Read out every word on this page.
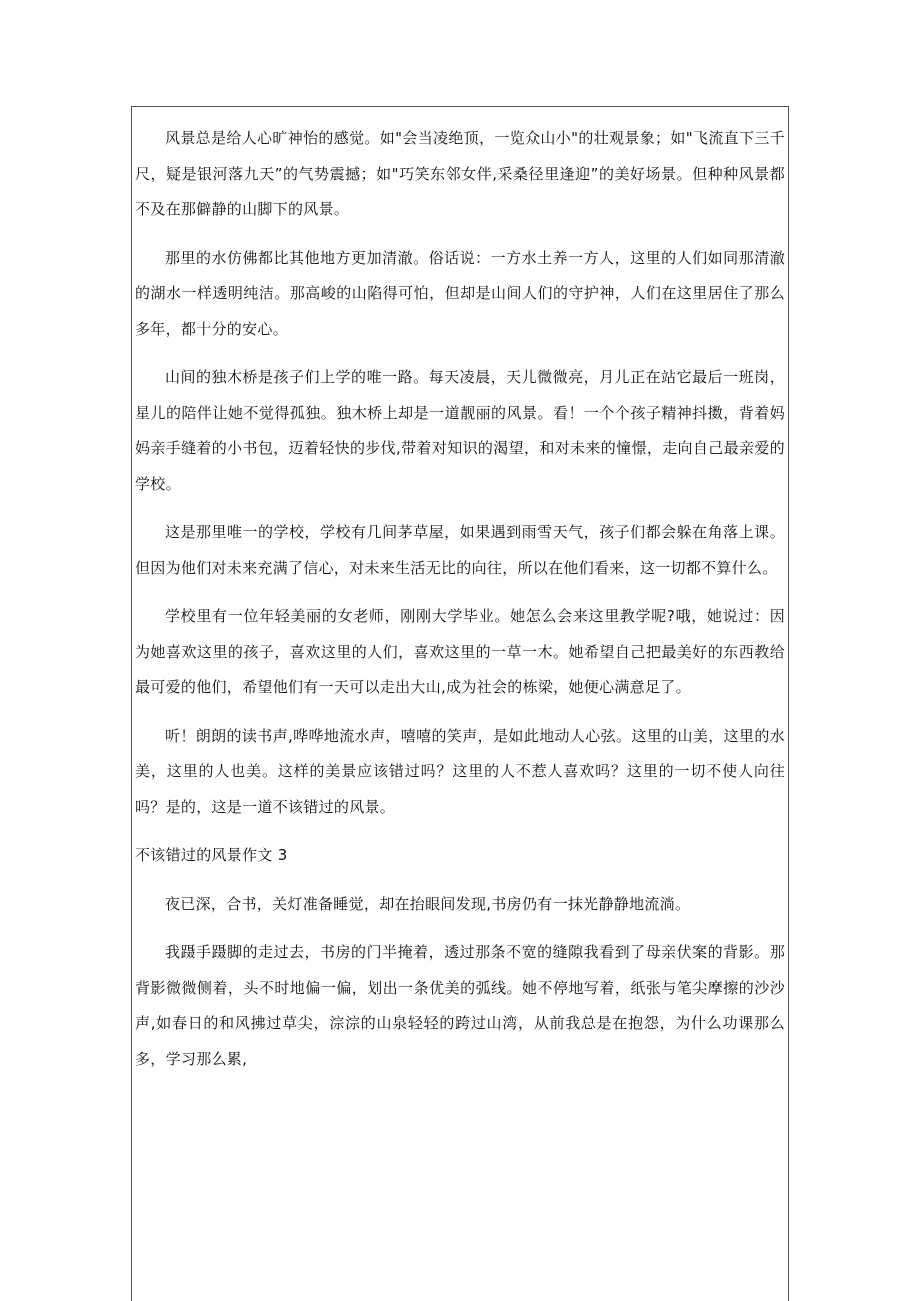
风景总是给人心旷神怡的感觉。如"会当凌绝顶，一览众山小"的壮观景象；如"飞流直下三千尺，疑是银河落九天”的气势震撼；如"巧笑东邻女伴,采桑径里逢迎”的美好场景。但种种风景都不及在那僻静的山脚下的风景。

那里的水仿佛都比其他地方更加清澈。俗话说：一方水土养一方人，这里的人们如同那清澈的湖水一样透明纯洁。那高峻的山陷得可怕，但却是山间人们的守护神，人们在这里居住了那么多年，都十分的安心。

山间的独木桥是孩子们上学的唯一路。每天凌晨，天儿微微亮，月儿正在站它最后一班岗，星儿的陪伴让她不觉得孤独。独木桥上却是一道靓丽的风景。看！一个个孩子精神抖擞，背着妈妈亲手缝着的小书包，迈着轻快的步伐,带着对知识的渴望，和对未来的憧憬，走向自己最亲爱的学校。

这是那里唯一的学校，学校有几间茅草屋，如果遇到雨雪天气，孩子们都会躲在角落上课。但因为他们对未来充满了信心，对未来生活无比的向往，所以在他们看来，这一切都不算什么。

学校里有一位年轻美丽的女老师，刚刚大学毕业。她怎么会来这里教学呢?哦，她说过：因为她喜欢这里的孩子，喜欢这里的人们，喜欢这里的一草一木。她希望自己把最美好的东西教给最可爱的他们，希望他们有一天可以走出大山,成为社会的栋梁，她便心满意足了。

听！朗朗的读书声,哗哗地流水声，嘻嘻的笑声，是如此地动人心弦。这里的山美，这里的水美，这里的人也美。这样的美景应该错过吗？这里的人不惹人喜欢吗？这里的一切不使人向往吗？是的，这是一道不该错过的风景。

不该错过的风景作文 3

夜已深，合书，关灯准备睡觉，却在抬眼间发现,书房仍有一抹光静静地流淌。

我蹑手蹑脚的走过去，书房的门半掩着，透过那条不宽的缝隙我看到了母亲伏案的背影。那背影微微侧着，头不时地偏一偏，划出一条优美的弧线。她不停地写着，纸张与笔尖摩擦的沙沙声,如春日的和风拂过草尖，淙淙的山泉轻轻的跨过山湾，从前我总是在抱怨，为什么功课那么多，学习那么累,
